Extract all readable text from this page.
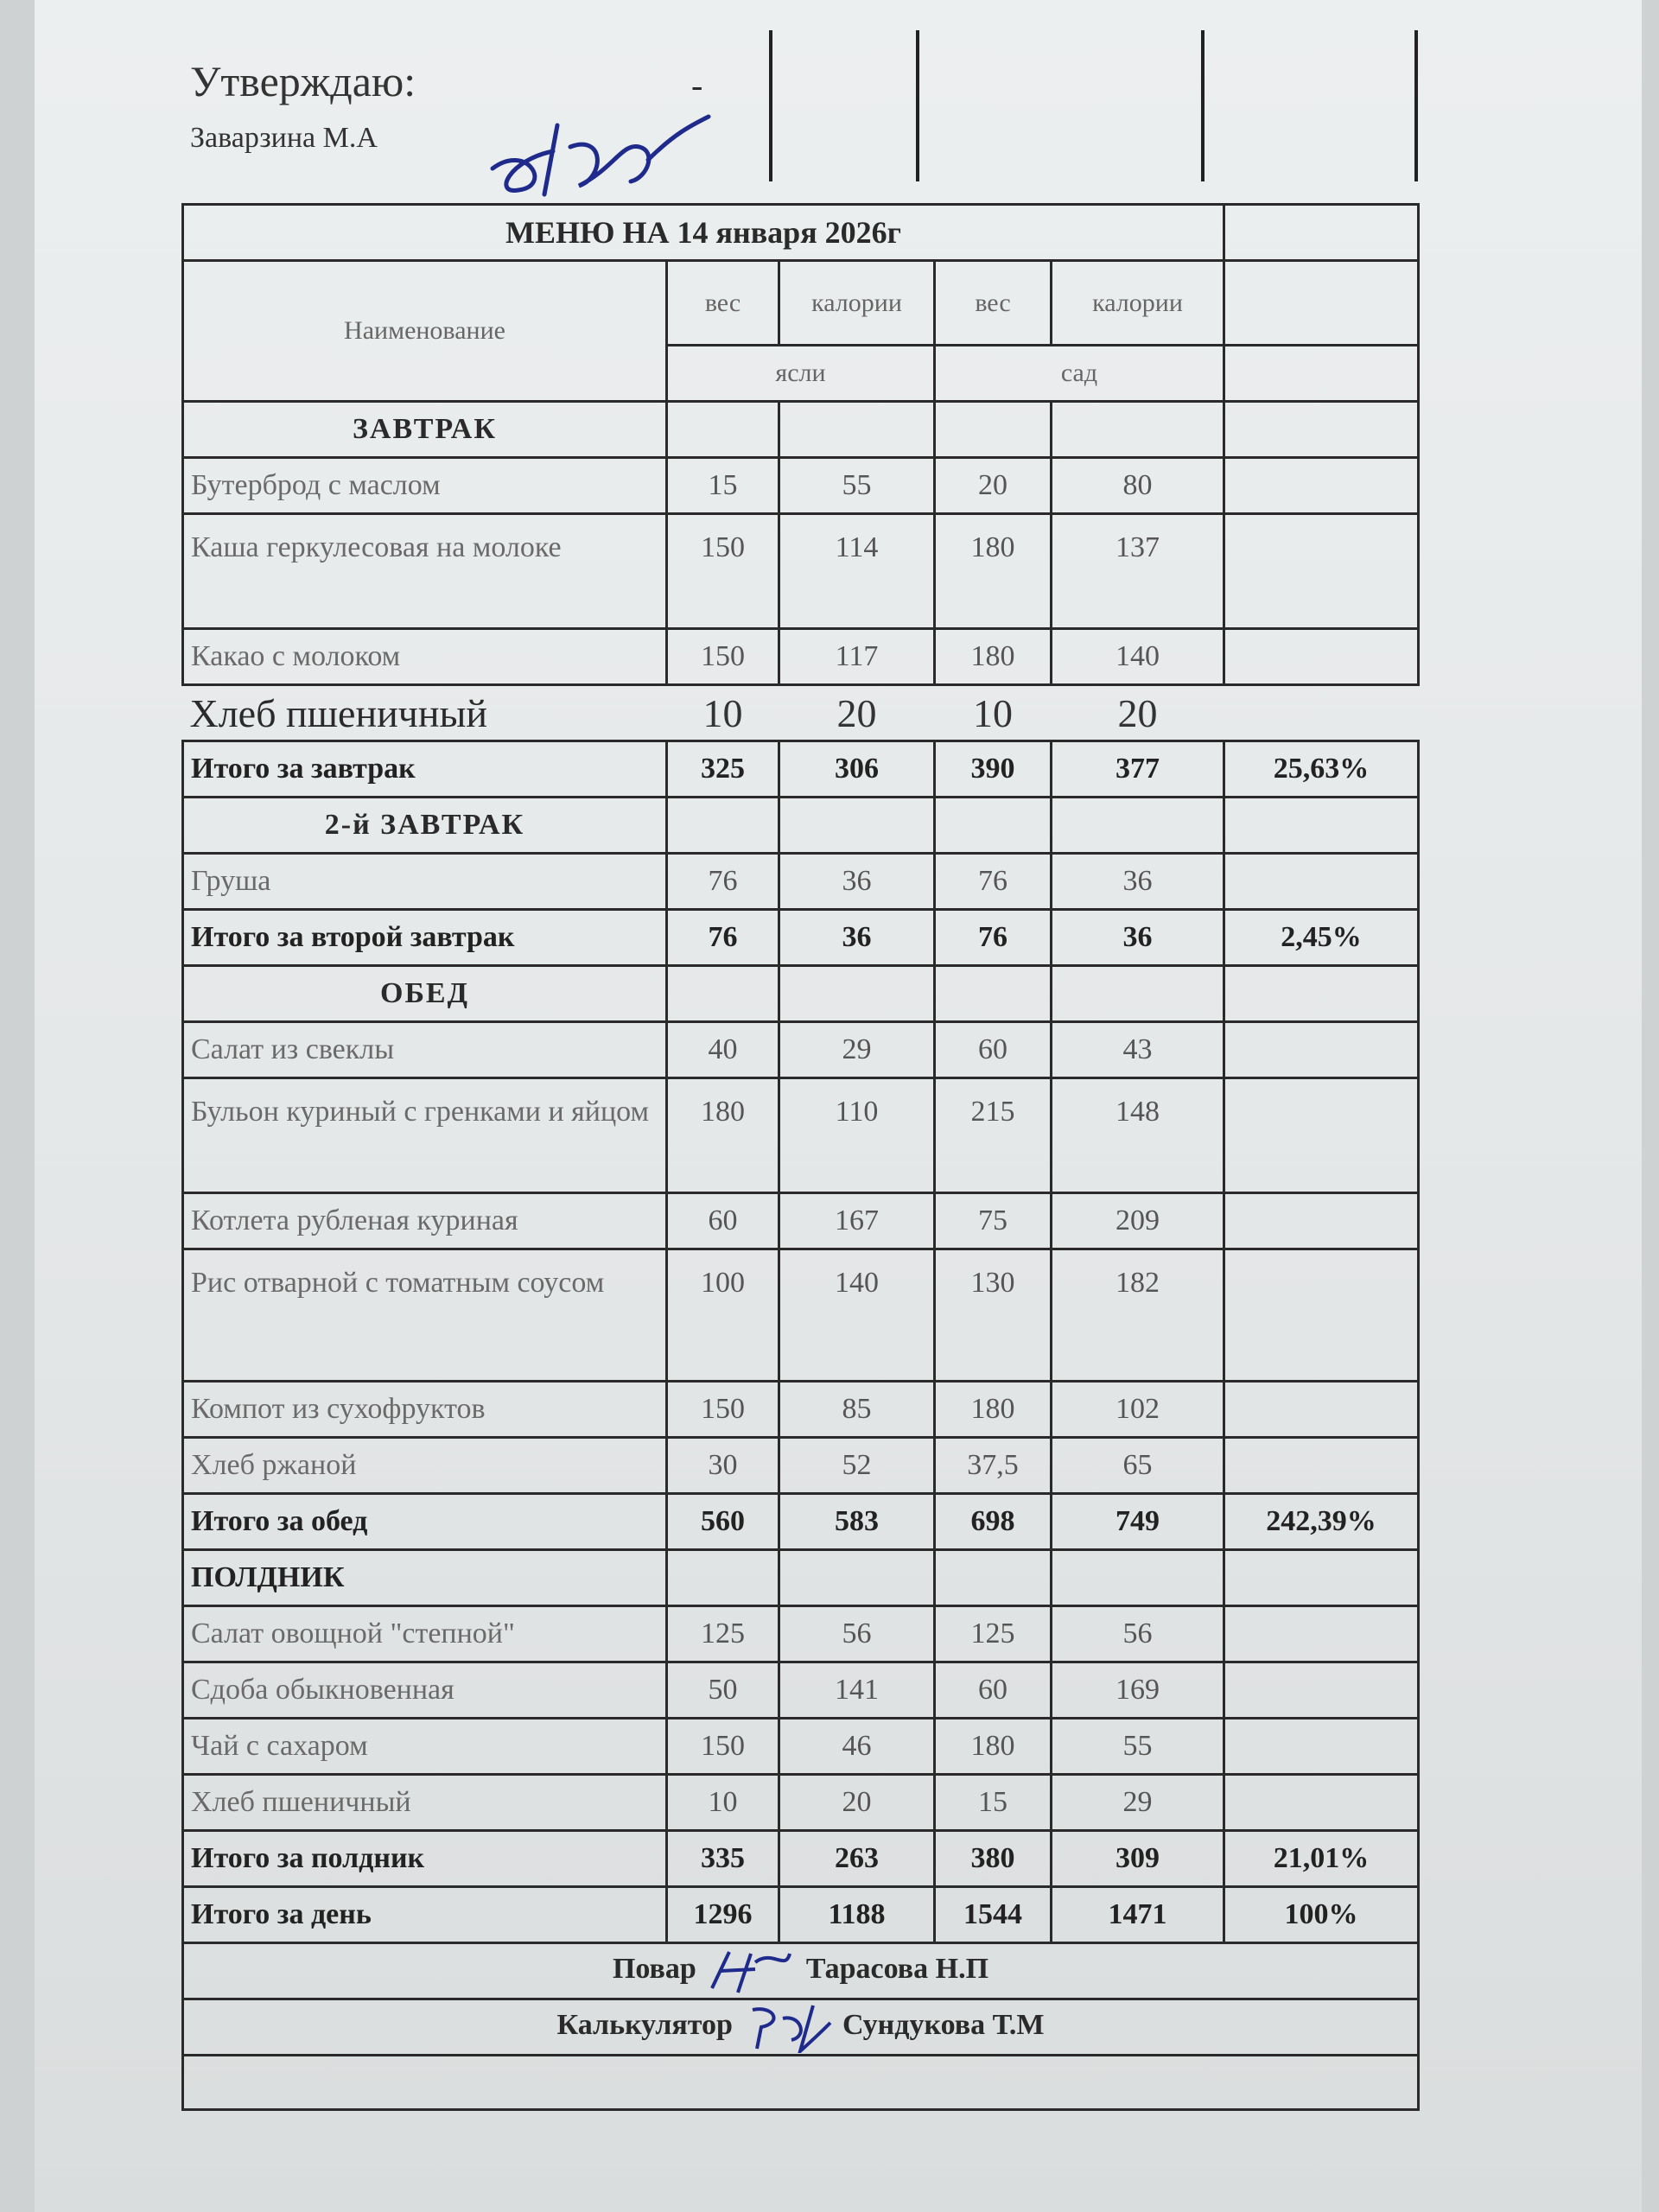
Утверждаю:
Заварзина М.А
-
МЕНЮ НА 14 января 2026г					
Наименование	вес	калории	вес	калории	
	ясли		сад		
ЗАВТРАК					
Бутерброд с маслом	15	55	20	80	
Каша геркулесовая на молоке	150	114	180	137	
Какао с молоком	150	117	180	140	
Хлеб пшеничный	10	20	10	20	
Итого за завтрак	325	306	390	377	25,63%
2-й ЗАВТРАК					
Груша	76	36	76	36	
Итого за второй завтрак	76	36	76	36	2,45%
ОБЕД					
Салат из свеклы	40	29	60	43	
Бульон куриный с гренками и яйцом	180	110	215	148	
Котлета рубленая куриная	60	167	75	209	
Рис отварной с томатным соусом	100	140	130	182	
Компот из сухофруктов	150	85	180	102	
Хлеб ржаной	30	52	37,5	65	
Итого за обед	560	583	698	749	242,39%
ПОЛДНИК					
Салат овощной "степной"	125	56	125	56	
Сдоба обыкновенная	50	141	60	169	
Чай с сахаром	150	46	180	55	
Хлеб пшеничный	10	20	15	29	
Итого за полдник	335	263	380	309	21,01%
Итого за день	1296	1188	1544	1471	100%
Повар Тарасова Н.П					
Калькулятор Сундукова Т.М					
